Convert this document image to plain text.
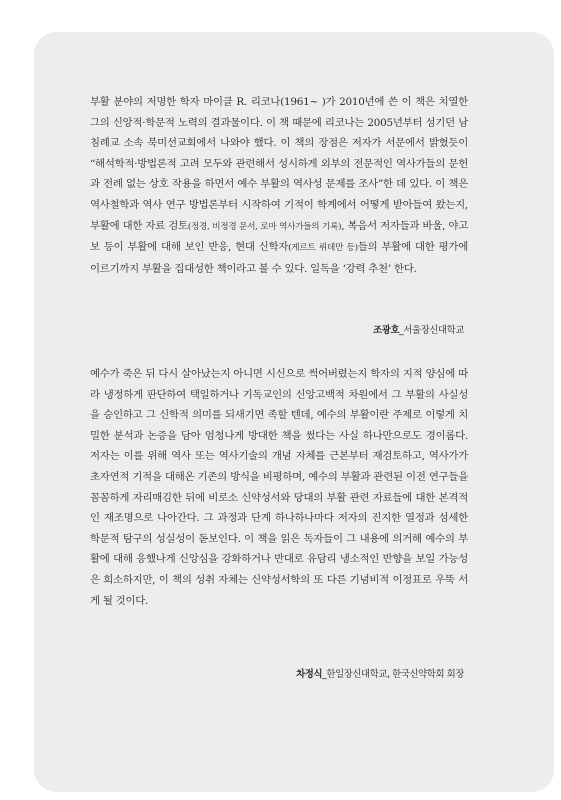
부활 분야의 저명한 학자 마이클 R. 리코나(1961~ )가 2010년에 쓴 이 책은 치열한 그의 신앙적·학문적 노력의 결과물이다. 이 책 때문에 리코나는 2005년부터 섬기던 남침례교 소속 북미선교회에서 나와야 했다. 이 책의 장점은 저자가 서문에서 밝혔듯이 “해석학적·방법론적 고려 모두와 관련해서 성시하게 외부의 전문적인 역사가들의 문헌과 전례 없는 상호 작용을 하면서 예수 부활의 역사성 문제를 조사”한 데 있다. 이 책은 역사철학과 역사 연구 방법론부터 시작하여 기적이 학계에서 어떻게 받아들여 왔는지, 부활에 대한 자료 검토(정경, 비정경 문서, 로마 역사가들의 기록), 복음서 저자들과 바울, 야고보 등이 부활에 대해 보인 반응, 현대 신학자(게르트 뤼데만 등)들의 부활에 대한 평가에 이르기까지 부활을 집대성한 책이라고 볼 수 있다. 일독을 ‘강력 추천’ 한다.

조광호_서울장신대학교

예수가 죽은 뒤 다시 살아났는지 아니면 시신으로 썩어버렸는지 학자의 지적 양심에 따라 냉정하게 판단하여 택일하거나 기독교인의 신앙고백적 차원에서 그 부활의 사실성을 승인하고 그 신학적 의미를 되새기면 족할 텐데, 예수의 부활이란 주제로 이렇게 치밀한 분석과 논증을 담아 엄청나게 방대한 책을 썼다는 사실 하나만으로도 경이롭다. 저자는 이를 위해 역사 또는 역사기술의 개념 자체를 근본부터 재검토하고, 역사가가 초자연적 기적을 대해온 기존의 방식을 비평하며, 예수의 부활과 관련된 이전 연구들을 꼼꼼하게 자리매김한 뒤에 비로소 신약성서와 당대의 부활 관련 자료들에 대한 본격적인 재조명으로 나아간다. 그 과정과 단계 하나하나마다 저자의 진지한 열정과 섬세한 학문적 탐구의 성실성이 돋보인다. 이 책을 읽은 독자들이 그 내용에 의거해 예수의 부활에 대해 응했나게 신앙심을 강화하거나 반대로 유담리 냉소적인 반향을 보일 가능성은 희소하지만, 이 책의 성취 자체는 신약성서학의 또 다른 기념비적 이정표로 우뚝 서게 될 것이다.

차정식_한일장신대학교, 한국신약학회 회장
